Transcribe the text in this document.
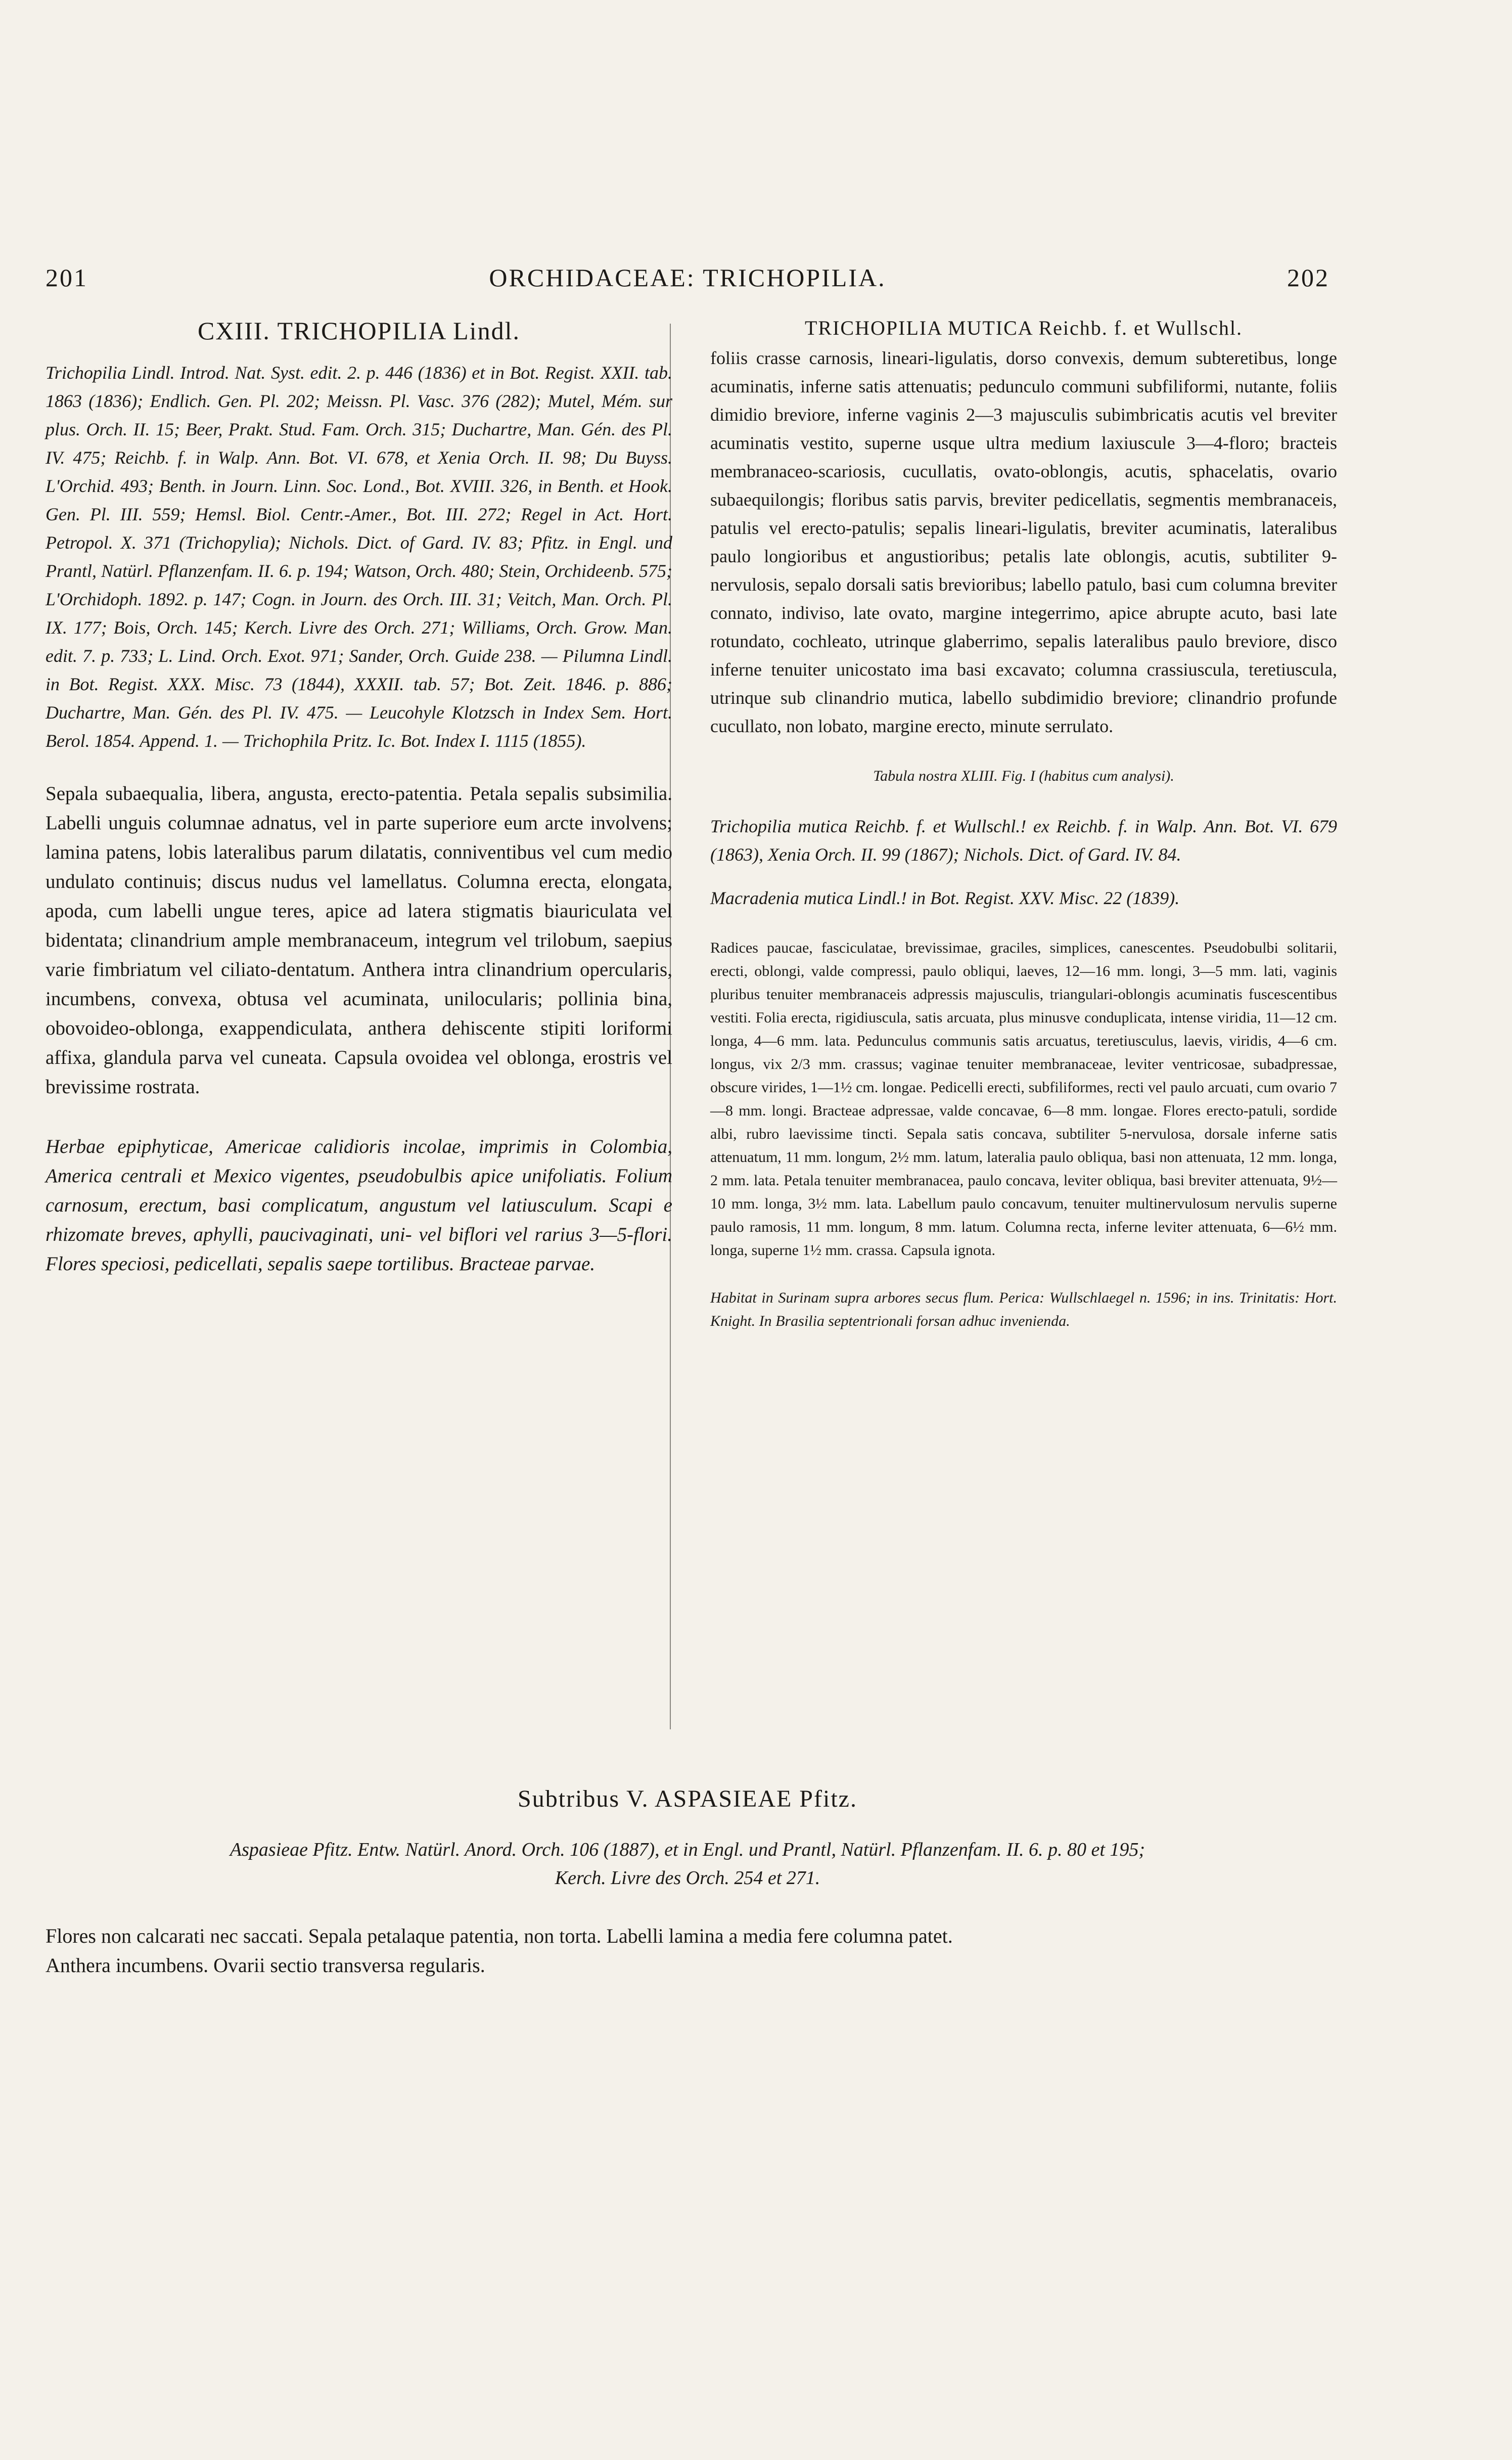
201	ORCHIDACEAE: TRICHOPILIA.	202
CXIII. TRICHOPILIA Lindl.

Trichopilia Lindl. Introd. Nat. Syst. edit. 2. p. 446 (1836) et in Bot. Regist. XXII. tab. 1863 (1836); Endlich. Gen. Pl. 202; Meissn. Pl. Vasc. 376 (282); Mutel, Mém. sur plus. Orch. II. 15; Beer, Prakt. Stud. Fam. Orch. 315; Duchartre, Man. Gén. des Pl. IV. 475; Reichb. f. in Walp. Ann. Bot. VI. 678, et Xenia Orch. II. 98; Du Buyss. L'Orchid. 493; Benth. in Journ. Linn. Soc. Lond., Bot. XVIII. 326, in Benth. et Hook. Gen. Pl. III. 559; Hemsl. Biol. Centr.-Amer., Bot. III. 272; Regel in Act. Hort. Petropol. X. 371 (Trichopylia); Nichols. Dict. of Gard. IV. 83; Pfitz. in Engl. und Prantl, Natürl. Pflanzenfam. II. 6. p. 194; Watson, Orch. 480; Stein, Orchideenb. 575; L'Orchidoph. 1892. p. 147; Cogn. in Journ. des Orch. III. 31; Veitch, Man. Orch. Pl. IX. 177; Bois, Orch. 145; Kerch. Livre des Orch. 271; Williams, Orch. Grow. Man. edit. 7. p. 733; L. Lind. Orch. Exot. 971; Sander, Orch. Guide 238. — Pilumna Lindl. in Bot. Regist. XXX. Misc. 73 (1844), XXXII. tab. 57; Bot. Zeit. 1846. p. 886; Duchartre, Man. Gén. des Pl. IV. 475. — Leucohyle Klotzsch in Index Sem. Hort. Berol. 1854. Append. 1. — Trichophila Pritz. Ic. Bot. Index I. 1115 (1855).

Sepala subaequalia, libera, angusta, erecto-patentia. Petala sepalis subsimilia. Labelli unguis columnae adnatus, vel in parte superiore eum arcte involvens; lamina patens, lobis lateralibus parum dilatatis, conniventibus vel cum medio undulato continuis; discus nudus vel lamellatus. Columna erecta, elongata, apoda, cum labelli ungue teres, apice ad latera stigmatis biauriculata vel bidentata; clinandrium ample membranaceum, integrum vel trilobum, saepius varie fimbriatum vel ciliato-dentatum. Anthera intra clinandrium opercularis, incumbens, convexa, obtusa vel acuminata, unilocularis; pollinia bina, obovoideo-oblonga, exappendiculata, anthera dehiscente stipiti loriformi affixa, glandula parva vel cuneata. Capsula ovoidea vel oblonga, erostris vel brevissime rostrata.

Herbae epiphyticae, Americae calidioris incolae, imprimis in Colombia, America centrali et Mexico vigentes, pseudobulbis apice unifoliatis. Folium carnosum, erectum, basi complicatum, angustum vel latiusculum. Scapi e rhizomate breves, aphylli, paucivaginati, uni- vel biflori vel rarius 3—5-flori. Flores speciosi, pedicellati, sepalis saepe tortilibus. Bracteae parvae.

TRICHOPILIA MUTICA Reichb. f. et Wullschl.

foliis crasse carnosis, lineari-ligulatis, dorso convexis, demum subteretibus, longe acuminatis, inferne satis attenuatis; pedunculo communi subfiliformi, nutante, foliis dimidio breviore, inferne vaginis 2—3 majusculis subimbricatis acutis vel breviter acuminatis vestito, superne usque ultra medium laxiuscule 3—4-floro; bracteis membranaceo-scariosis, cucullatis, ovato-oblongis, acutis, sphacelatis, ovario subaequilongis; floribus satis parvis, breviter pedicellatis, segmentis membranaceis, patulis vel erecto-patulis; sepalis lineari-ligulatis, breviter acuminatis, lateralibus paulo longioribus et angustioribus; petalis late oblongis, acutis, subtiliter 9-nervulosis, sepalo dorsali satis brevioribus; labello patulo, basi cum columna breviter connato, indiviso, late ovato, margine integerrimo, apice abrupte acuto, basi late rotundato, cochleato, utrinque glaberrimo, sepalis lateralibus paulo breviore, disco inferne tenuiter unicostato ima basi excavato; columna crassiuscula, teretiuscula, utrinque sub clinandrio mutica, labello subdimidio breviore; clinandrio profunde cucullato, non lobato, margine erecto, minute serrulato.

Tabula nostra XLIII. Fig. I (habitus cum analysi).

Trichopilia mutica Reichb. f. et Wullschl.! ex Reichb. f. in Walp. Ann. Bot. VI. 679 (1863), Xenia Orch. II. 99 (1867); Nichols. Dict. of Gard. IV. 84.

Macradenia mutica Lindl.! in Bot. Regist. XXV. Misc. 22 (1839).

Radices paucae, fasciculatae, brevissimae, graciles, simplices, canescentes. Pseudobulbi solitarii, erecti, oblongi, valde compressi, paulo obliqui, laeves, 12—16 mm. longi, 3—5 mm. lati, vaginis pluribus tenuiter membranaceis adpressis majusculis, triangulari-oblongis acuminatis fuscescentibus vestiti. Folia erecta, rigidiuscula, satis arcuata, plus minusve conduplicata, intense viridia, 11—12 cm. longa, 4—6 mm. lata. Pedunculus communis satis arcuatus, teretiusculus, laevis, viridis, 4—6 cm. longus, vix 2/3 mm. crassus; vaginae tenuiter membranaceae, leviter ventricosae, subadpressae, obscure virides, 1—1½ cm. longae. Pedicelli erecti, subfiliformes, recti vel paulo arcuati, cum ovario 7—8 mm. longi. Bracteae adpressae, valde concavae, 6—8 mm. longae. Flores erecto-patuli, sordide albi, rubro laevissime tincti. Sepala satis concava, subtiliter 5-nervulosa, dorsale inferne satis attenuatum, 11 mm. longum, 2½ mm. latum, lateralia paulo obliqua, basi non attenuata, 12 mm. longa, 2 mm. lata. Petala tenuiter membranacea, paulo concava, leviter obliqua, basi breviter attenuata, 9½—10 mm. longa, 3½ mm. lata. Labellum paulo concavum, tenuiter multinervulosum nervulis superne paulo ramosis, 11 mm. longum, 8 mm. latum. Columna recta, inferne leviter attenuata, 6—6½ mm. longa, superne 1½ mm. crassa. Capsula ignota.

Habitat in Surinam supra arbores secus flum. Perica: Wullschlaegel n. 1596; in ins. Trinitatis: Hort. Knight. In Brasilia septentrionali forsan adhuc invenienda.

Subtribus V. ASPASIEAE Pfitz.
Aspasieae Pfitz. Entw. Natürl. Anord. Orch. 106 (1887), et in Engl. und Prantl, Natürl. Pflanzenfam. II. 6. p. 80 et 195;
Kerch. Livre des Orch. 254 et 271.
Flores non calcarati nec saccati. Sepala petalaque patentia, non torta. Labelli lamina a media fere columna patet.
Anthera incumbens. Ovarii sectio transversa regularis.
